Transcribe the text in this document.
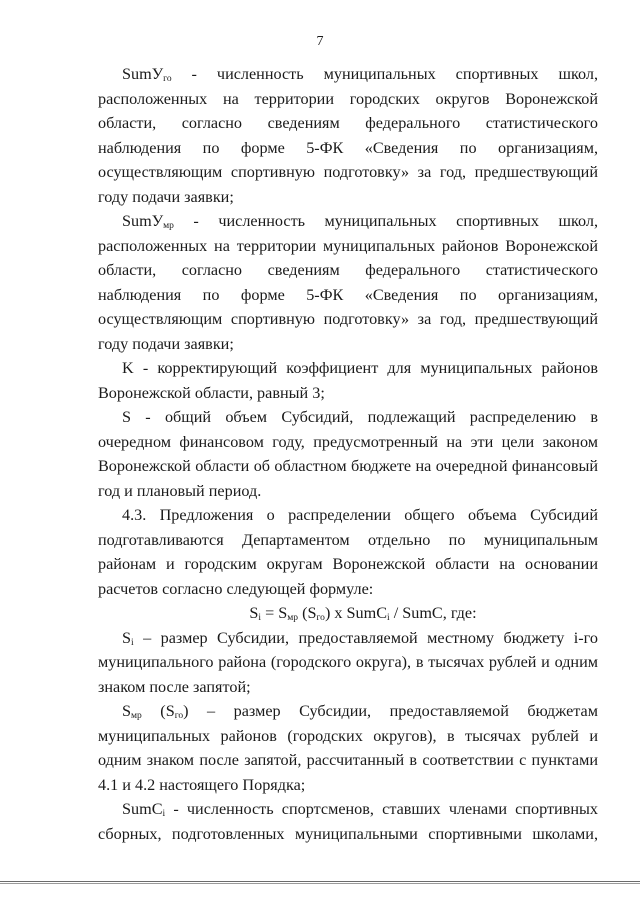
7

SumУ$_{го}$ - численность муниципальных спортивных школ, расположенных на территории городских округов Воронежской области, согласно сведениям федерального статистического наблюдения по форме 5-ФК «Сведения по организациям, осуществляющим спортивную подготовку» за год, предшествующий году подачи заявки;

SumУ$_{мр}$ - численность муниципальных спортивных школ, расположенных на территории муниципальных районов Воронежской области, согласно сведениям федерального статистического наблюдения по форме 5-ФК «Сведения по организациям, осуществляющим спортивную подготовку» за год, предшествующий году подачи заявки;

K - корректирующий коэффициент для муниципальных районов Воронежской области, равный 3;

S - общий объем Субсидий, подлежащий распределению в очередном финансовом году, предусмотренный на эти цели законом Воронежской области об областном бюджете на очередной финансовый год и плановый период.

4.3. Предложения о распределении общего объема Субсидий подготавливаются Департаментом отдельно по муниципальным районам и городским округам Воронежской области на основании расчетов согласно следующей формуле:

$S_i = S_{мр}$ $(S_{го})$ x SumC$_i$ / SumC, где:

$S_i$ – размер Субсидии, предоставляемой местному бюджету i-го муниципального района (городского округа), в тысячах рублей и одним знаком после запятой;

$S_{мр}$ $(S_{го})$ – размер Субсидии, предоставляемой бюджетам муниципальных районов (городских округов), в тысячах рублей и одним знаком после запятой, рассчитанный в соответствии с пунктами 4.1 и 4.2 настоящего Порядка;

SumC$_i$ - численность спортсменов, ставших членами спортивных сборных, подготовленных муниципальными спортивными школами,
